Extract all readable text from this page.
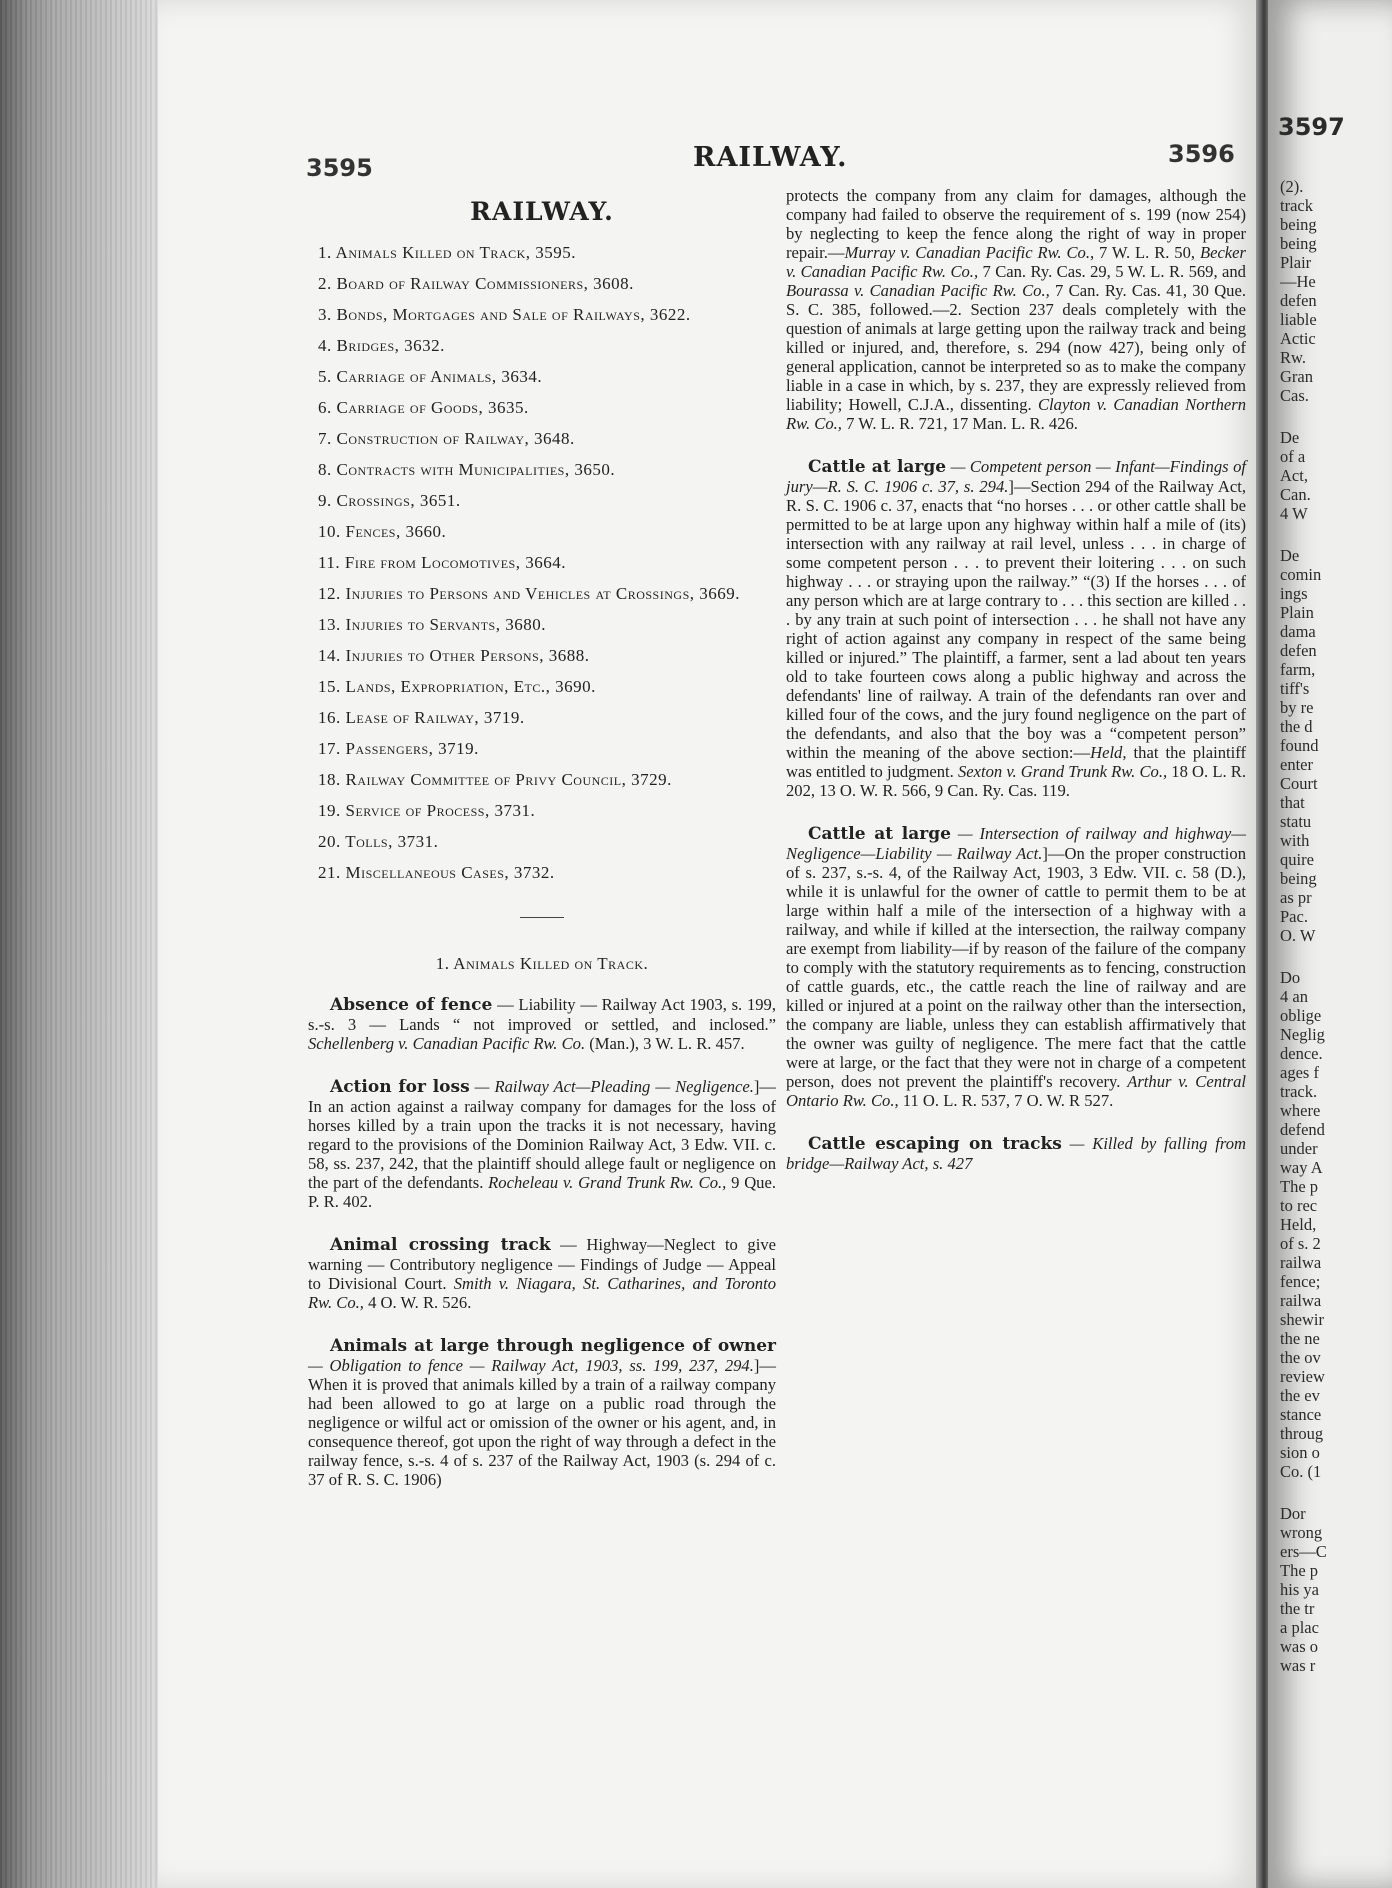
3595	RAILWAY.	3596
RAILWAY.
1. Animals Killed on Track, 3595.
2. Board of Railway Commissioners, 3608.
3. Bonds, Mortgages and Sale of Railways, 3622.
4. Bridges, 3632.
5. Carriage of Animals, 3634.
6. Carriage of Goods, 3635.
7. Construction of Railway, 3648.
8. Contracts with Municipalities, 3650.
9. Crossings, 3651.
10. Fences, 3660.
11. Fire from Locomotives, 3664.
12. Injuries to Persons and Vehicles at Crossings, 3669.
13. Injuries to Servants, 3680.
14. Injuries to Other Persons, 3688.
15. Lands, Expropriation, Etc., 3690.
16. Lease of Railway, 3719.
17. Passengers, 3719.
18. Railway Committee of Privy Council, 3729.
19. Service of Process, 3731.
20. Tolls, 3731.
21. Miscellaneous Cases, 3732.
1. Animals Killed on Track.
Absence of fence — Liability — Railway Act 1903, s. 199, s.-s. 3 — Lands “ not improved or settled, and inclosed.” Schellenberg v. Canadian Pacific Rw. Co. (Man.), 3 W. L. R. 457.
Action for loss — Railway Act—Pleading — Negligence.]—In an action against a railway company for damages for the loss of horses killed by a train upon the tracks it is not necessary, having regard to the provisions of the Dominion Railway Act, 3 Edw. VII. c. 58, ss. 237, 242, that the plaintiff should allege fault or negligence on the part of the defendants. Rocheleau v. Grand Trunk Rw. Co., 9 Que. P. R. 402.
Animal crossing track — Highway—Neglect to give warning — Contributory negligence — Findings of Judge — Appeal to Divisional Court. Smith v. Niagara, St. Catharines, and Toronto Rw. Co., 4 O. W. R. 526.
Animals at large through negligence of owner — Obligation to fence — Railway Act, 1903, ss. 199, 237, 294.]—When it is proved that animals killed by a train of a railway company had been allowed to go at large on a public road through the negligence or wilful act or omission of the owner or his agent, and, in consequence thereof, got upon the right of way through a defect in the railway fence, s.-s. 4 of s. 237 of the Railway Act, 1903 (s. 294 of c. 37 of R. S. C. 1906)
protects the company from any claim for damages, although the company had failed to observe the requirement of s. 199 (now 254) by neglecting to keep the fence along the right of way in proper repair.—Murray v. Canadian Pacific Rw. Co., 7 W. L. R. 50, Becker v. Canadian Pacific Rw. Co., 7 Can. Ry. Cas. 29, 5 W. L. R. 569, and Bourassa v. Canadian Pacific Rw. Co., 7 Can. Ry. Cas. 41, 30 Que. S. C. 385, followed.—2. Section 237 deals completely with the question of animals at large getting upon the railway track and being killed or injured, and, therefore, s. 294 (now 427), being only of general application, cannot be interpreted so as to make the company liable in a case in which, by s. 237, they are expressly relieved from liability; Howell, C.J.A., dissenting. Clayton v. Canadian Northern Rw. Co., 7 W. L. R. 721, 17 Man. L. R. 426.
Cattle at large — Competent person — Infant—Findings of jury—R. S. C. 1906 c. 37, s. 294.]—Section 294 of the Railway Act, R. S. C. 1906 c. 37, enacts that “no horses . . . or other cattle shall be permitted to be at large upon any highway within half a mile of (its) intersection with any railway at rail level, unless . . . in charge of some competent person . . . to prevent their loitering . . . on such highway . . . or straying upon the railway.” “(3) If the horses . . . of any person which are at large contrary to . . . this section are killed . . . by any train at such point of intersection . . . he shall not have any right of action against any company in respect of the same being killed or injured.” The plaintiff, a farmer, sent a lad about ten years old to take fourteen cows along a public highway and across the defendants' line of railway. A train of the defendants ran over and killed four of the cows, and the jury found negligence on the part of the defendants, and also that the boy was a “competent person” within the meaning of the above section:—Held, that the plaintiff was entitled to judgment. Sexton v. Grand Trunk Rw. Co., 18 O. L. R. 202, 13 O. W. R. 566, 9 Can. Ry. Cas. 119.
Cattle at large — Intersection of railway and highway—Negligence—Liability — Railway Act.]—On the proper construction of s. 237, s.-s. 4, of the Railway Act, 1903, 3 Edw. VII. c. 58 (D.), while it is unlawful for the owner of cattle to permit them to be at large within half a mile of the intersection of a highway with a railway, and while if killed at the intersection, the railway company are exempt from liability—if by reason of the failure of the company to comply with the statutory requirements as to fencing, construction of cattle guards, etc., the cattle reach the line of railway and are killed or injured at a point on the railway other than the intersection, the company are liable, unless they can establish affirmatively that the owner was guilty of negligence. The mere fact that the cattle were at large, or the fact that they were not in charge of a competent person, does not prevent the plaintiff's recovery. Arthur v. Central Ontario Rw. Co., 11 O. L. R. 537, 7 O. W. R 527.
Cattle escaping on tracks — Killed by falling from bridge—Railway Act, s. 427
3597
(2).
track
being
being
Plair
—He
defen
liable
Actic
Rw.
Gran
Cas.
De
of a
Act,
Can.
4 W
De
comin
ings
Plain
dama
defen
farm,
tiff's
by re
the d
found
enter
Court
that
statu
with
quire
being
as pr
Pac.
O. W
Do
4 an
oblige
Neglig
dence.
ages f
track.
where
defend
under
way A
The p
to rec
Held,
of s. 2
railwa
fence;
railwa
shewir
the ne
the ov
review
the ev
stance
throug
sion o
Co. (1
Dor
wrong
ers—C
The p
his ya
the tr
a plac
was o
was r
